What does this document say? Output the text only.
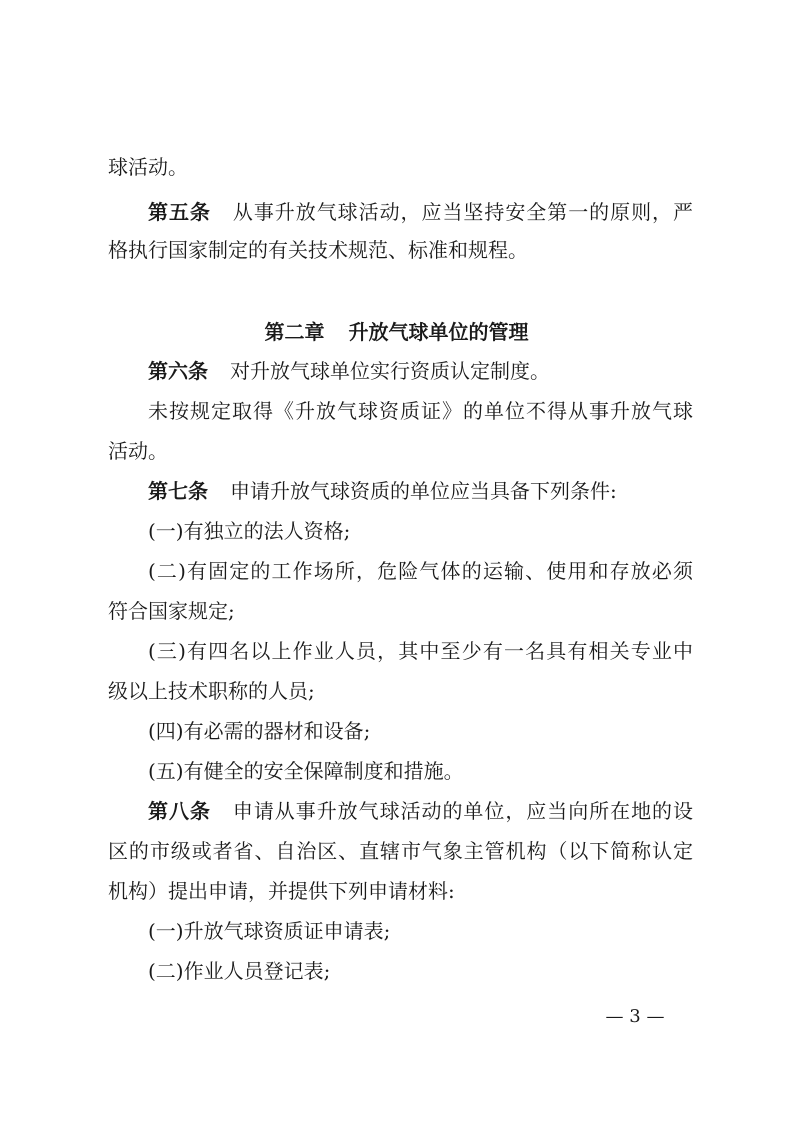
球活动。
第五条 从事升放气球活动，应当坚持安全第一的原则，严
格执行国家制定的有关技术规范、标准和规程。
第二章 升放气球单位的管理
第六条 对升放气球单位实行资质认定制度。
未按规定取得《升放气球资质证》的单位不得从事升放气球
活动。
第七条 申请升放气球资质的单位应当具备下列条件:
(一)有独立的法人资格;
(二)有固定的工作场所，危险气体的运输、使用和存放必须
符合国家规定;
(三)有四名以上作业人员，其中至少有一名具有相关专业中
级以上技术职称的人员;
(四)有必需的器材和设备;
(五)有健全的安全保障制度和措施。
第八条 申请从事升放气球活动的单位，应当向所在地的设
区的市级或者省、自治区、直辖市气象主管机构（以下简称认定
机构）提出申请，并提供下列申请材料:
(一)升放气球资质证申请表;
(二)作业人员登记表;
— 3 —
